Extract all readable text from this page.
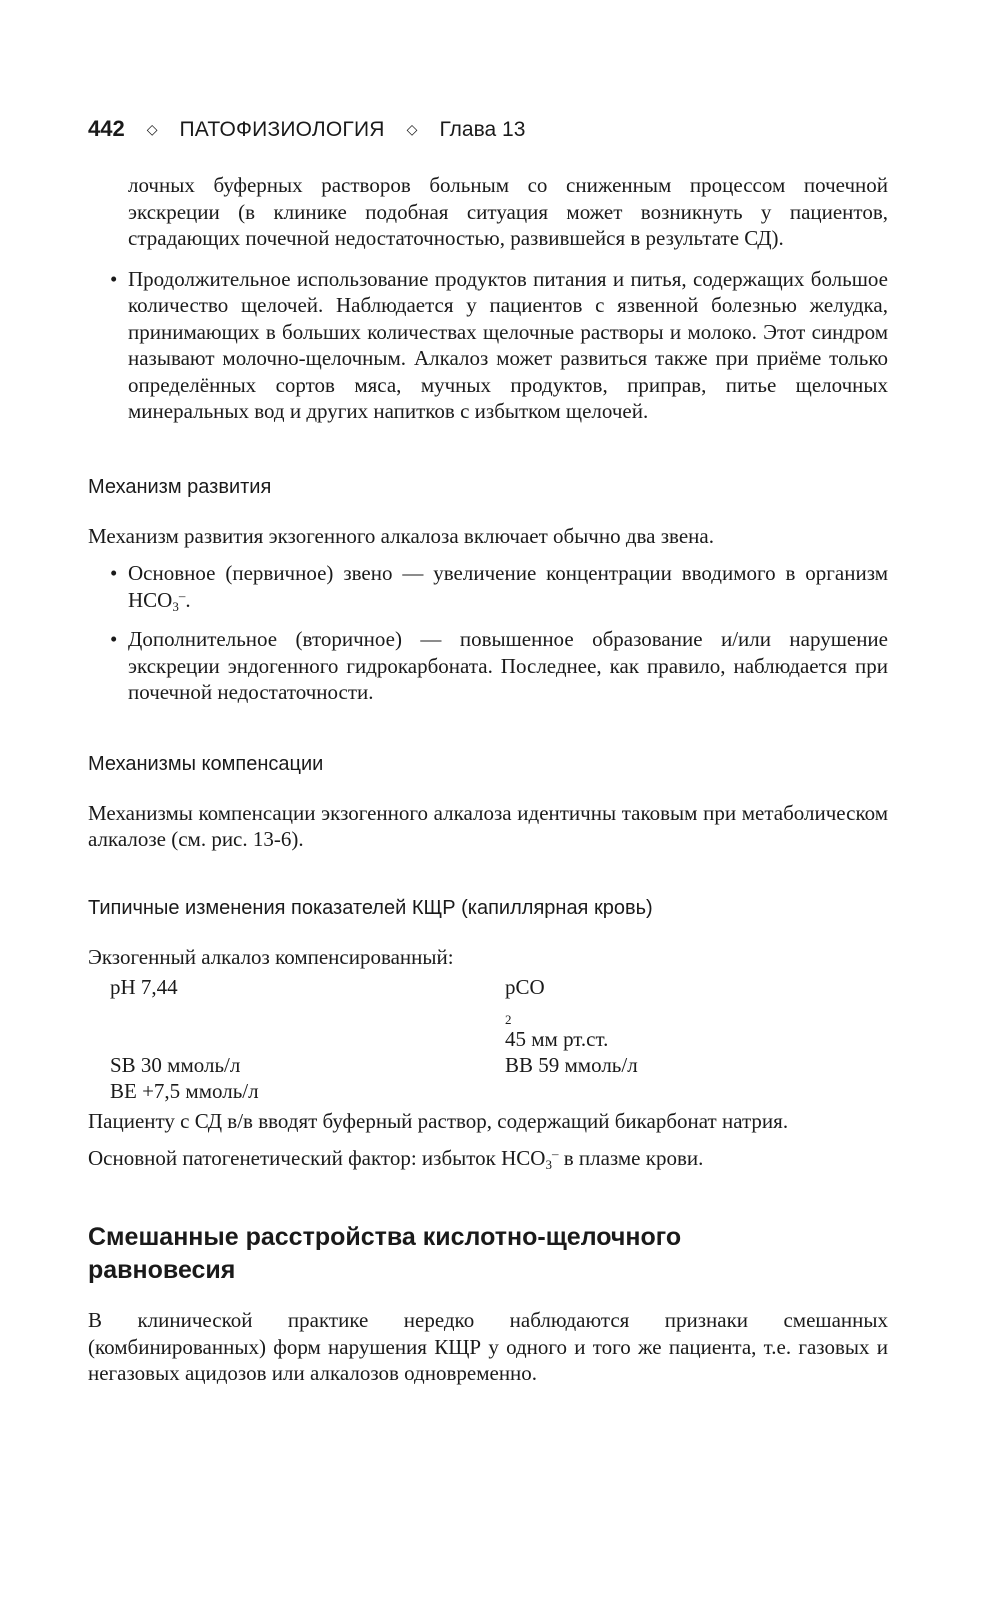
442 ◇ ПАТОФИЗИОЛОГИЯ ◇ Глава 13

лочных буферных растворов больным со сниженным процессом почечной экскреции (в клинике подобная ситуация может возникнуть у пациентов, страдающих почечной недостаточностью, развившейся в результате СД).

• Продолжительное использование продуктов питания и питья, содержащих большое количество щелочей. Наблюдается у пациентов с язвенной болезнью желудка, принимающих в больших количествах щелочные растворы и молоко. Этот синдром называют молочно-щелочным. Алкалоз может развиться также при приёме только определённых сортов мяса, мучных продуктов, приправ, питье щелочных минеральных вод и других напитков с избытком щелочей.

Механизм развития

Механизм развития экзогенного алкалоза включает обычно два звена.

• Основное (первичное) звено — увеличение концентрации вводимого в организм $НСО_3^-$.

• Дополнительное (вторичное) — повышенное образование и/или нарушение экскреции эндогенного гидрокарбоната. Последнее, как правило, наблюдается при почечной недостаточности.

Механизмы компенсации

Механизмы компенсации экзогенного алкалоза идентичны таковым при метаболическом алкалозе (см. рис. 13-6).

Типичные изменения показателей КЩР (капиллярная кровь)

Экзогенный алкалоз компенсированный:

pH 7,44	pCO
$_2$
45 мм рт.ст.
SB 30 ммоль/л	BB 59 ммоль/л
BE +7,5 ммоль/л

Пациенту с СД в/в вводят буферный раствор, содержащий бикарбонат натрия.

Основной патогенетический фактор: избыток $НСО_3^-$ в плазме крови.

Смешанные расстройства кислотно-щелочного равновесия

В клинической практике нередко наблюдаются признаки смешанных (комбинированных) форм нарушения КЩР у одного и того же пациента, т.е. газовых и негазовых ацидозов или алкалозов одновременно.
